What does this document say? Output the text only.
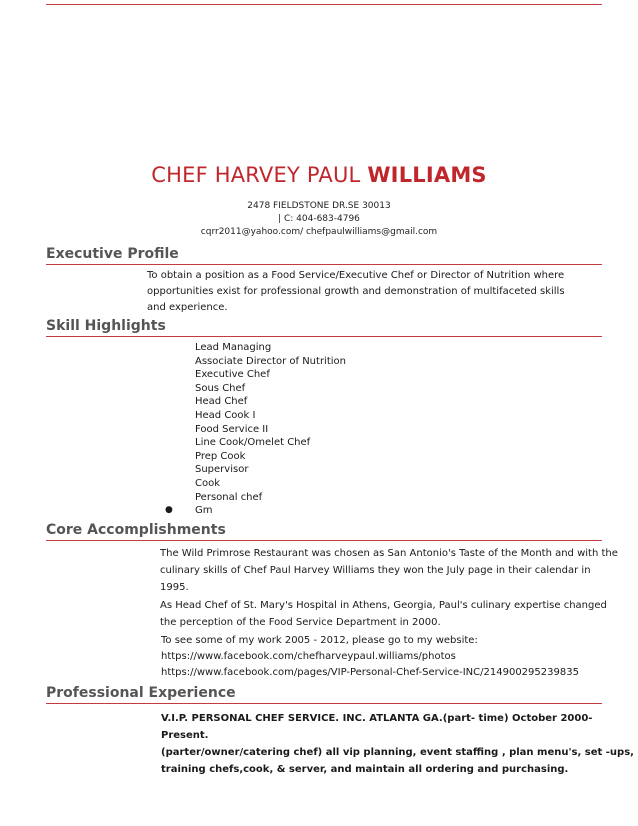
CHEF HARVEY PAUL WILLIAMS
2478 FIELDSTONE DR.SE 30013
| C: 404-683-4796
cqrr2011@yahoo.com/ chefpaulwilliams@gmail.com
Executive Profile
To obtain a position as a Food Service/Executive Chef or Director of Nutrition where
opportunities exist for professional growth and demonstration of multifaceted skills
and experience.
Skill Highlights
Lead Managing
Associate Director of Nutrition
Executive Chef
Sous Chef
Head Chef
Head Cook I
Food Service II
Line Cook/Omelet Chef
Prep Cook
Supervisor
Cook
Personal chef
● Gm
Core Accomplishments
The Wild Primrose Restaurant was chosen as San Antonio's Taste of the Month and with the
culinary skills of Chef Paul Harvey Williams they won the July page in their calendar in
1995.
As Head Chef of St. Mary's Hospital in Athens, Georgia, Paul's culinary expertise changed
the perception of the Food Service Department in 2000.
To see some of my work 2005 - 2012, please go to my website:
https://www.facebook.com/chefharveypaul.williams/photos
https://www.facebook.com/pages/VIP-Personal-Chef-Service-INC/214900295239835
Professional Experience
V.I.P. PERSONAL CHEF SERVICE. INC. ATLANTA GA.(part- time) October 2000- Present.
(parter/owner/catering chef) all vip planning, event staffing , plan menu's, set -ups,
training chefs,cook, & server, and maintain all ordering and purchasing.
